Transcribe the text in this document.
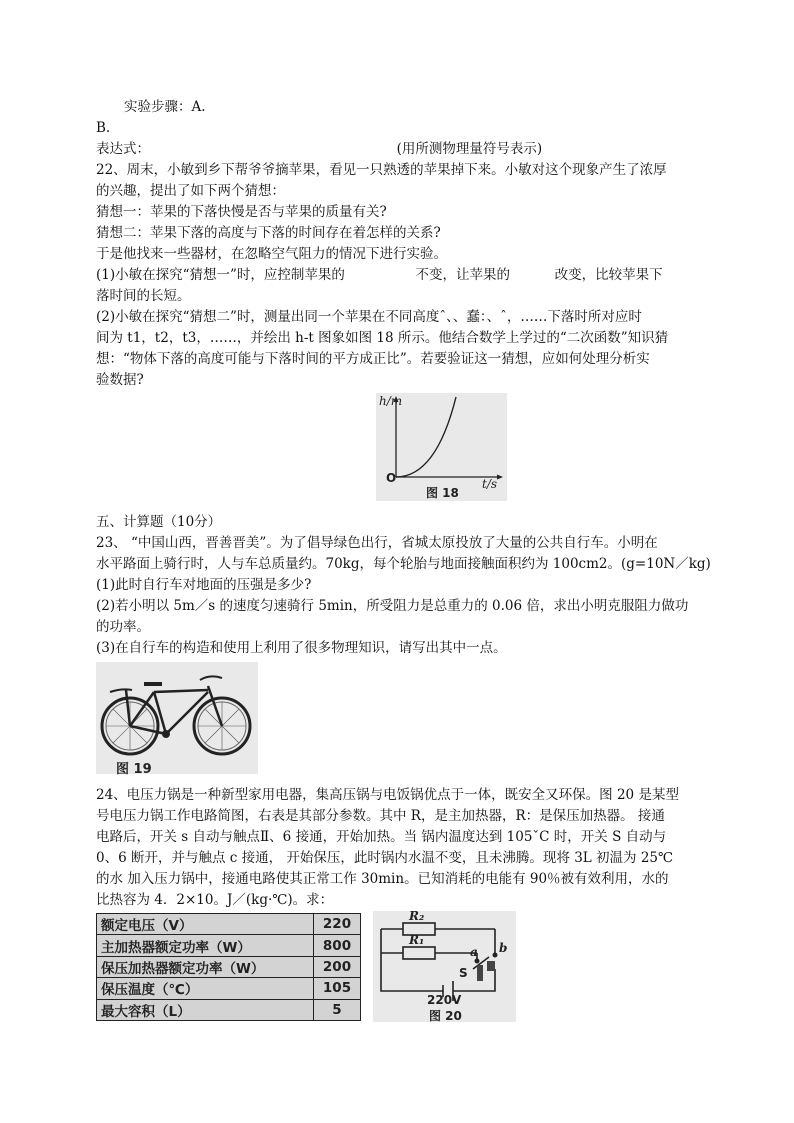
实验步骤：A.
B.
表达式：	(用所测物理量符号表示)
22、周末，小敏到乡下帮爷爷摘苹果，看见一只熟透的苹果掉下来。小敏对这个现象产生了浓厚
的兴趣，提出了如下两个猜想：
猜想一：苹果的下落快慢是否与苹果的质量有关?
猜想二：苹果下落的高度与下落的时间存在着怎样的关系?
于是他找来一些器材，在忽略空气阻力的情况下进行实验。
(1)小敏在探究“猜想一”时，应控制苹果的	不变，让苹果的	改变，比较苹果下
落时间的长短。
(2)小敏在探究“猜想二”时，测量出同一个苹果在不同高度ˆ、、蠢：、ˆ，……下落时所对应时
间为 t1，t2，t3，……，并绘出 h-t 图象如图 18 所示。他结合数学上学过的“二次函数”知识猜
想：“物体下落的高度可能与下落时间的平方成正比”。若要验证这一猜想，应如何处理分析实
验数据?
h/m
t/s
O
图 18
五、计算题（10分）
23、 “中国山西，晋善晋美”。为了倡导绿色出行，省城太原投放了大量的公共自行车。小明在
水平路面上骑行时，人与车总质量约。70kg，每个轮胎与地面接触面积约为 100cm2。(g=10N／kg)
(1)此时自行车对地面的压强是多少?
(2)若小明以 5m／s 的速度匀速骑行 5min，所受阻力是总重力的 0.06 倍，求出小明克服阻力做功
的功率。
(3)在自行车的构造和使用上利用了很多物理知识，请写出其中一点。
图 19
24、电压力锅是一种新型家用电器，集高压锅与电饭锅优点于一体，既安全又环保。图 20 是某型
号电压力锅工作电路简图，右表是其部分参数。其中 R，是主加热器，R：是保压加热器。 接通
电路后，开关 s 自动与触点Ⅱ、6 接通，开始加热。当 锅内温度达到 105ˇC 时，开关 S 自动与
0、6 断开，并与触点 c 接通， 开始保压，此时锅内水温不变，且未沸腾。现将 3L 初温为 25℃
的水 加入压力锅中，接通电路使其正常工作 30min。已知消耗的电能有 90％被有效利用，水的
比热容为 4．2×10。J／(kg·℃)。求：
额定电压（V）	220
主加热器额定功率（W）	800
保压加热器额定功率（W）	200
保压温度（℃）	105
最大容积（L）	5
R₂
R₁
a b
S
220V
图 20
